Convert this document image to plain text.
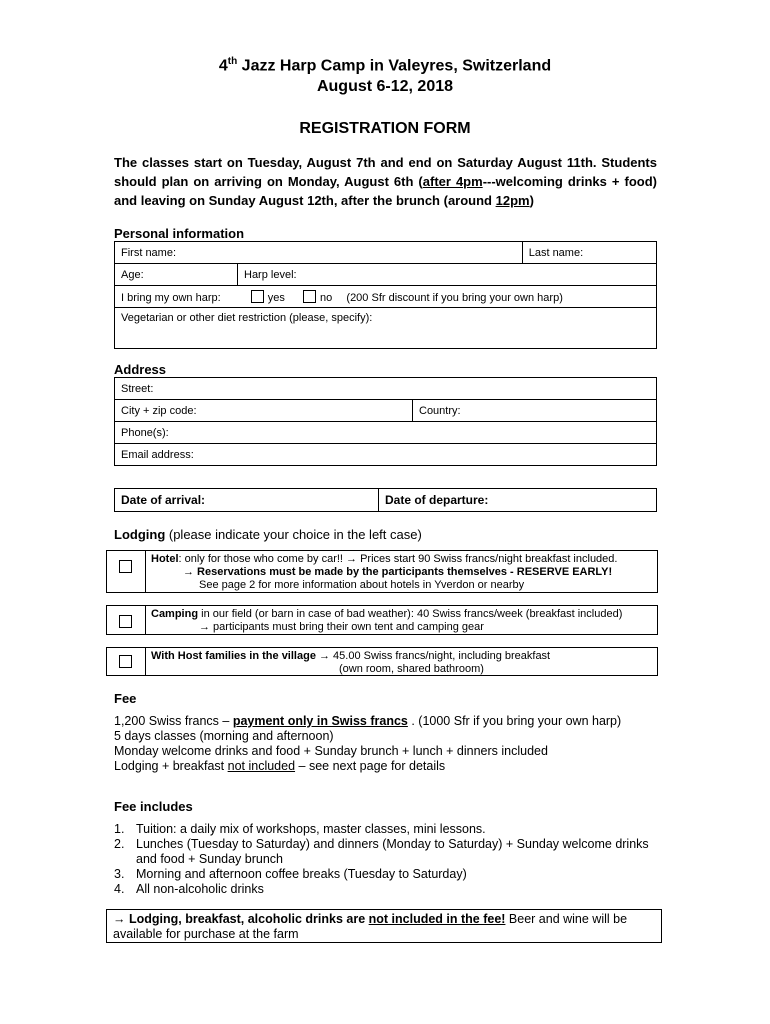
4th Jazz Harp Camp in Valeyres, Switzerland
August 6-12, 2018
REGISTRATION FORM
The classes start on Tuesday, August 7th and end on Saturday August 11th. Students should plan on arriving on Monday, August 6th (after 4pm---welcoming drinks + food) and leaving on Sunday August 12th, after the brunch (around 12pm)
Personal information
First name:		Last name:
Age:	Harp level:	
I bring my own harp: yes no (200 Sfr discount if you bring your own harp)		
Vegetarian or other diet restriction (please, specify):		
Address
Street:
City + zip code:	Country:
Phone(s):
Email address:
Date of arrival:	Date of departure:
Lodging (please indicate your choice in the left case)
Hotel: only for those who come by car!! → Prices start 90 Swiss francs/night breakfast included.
→ Reservations must be made by the participants themselves - RESERVE EARLY!
See page 2 for more information about hotels in Yverdon or nearby
Camping in our field (or barn in case of bad weather): 40 Swiss francs/week (breakfast included)
→ participants must bring their own tent and camping gear
With Host families in the village → 45.00 Swiss francs/night, including breakfast
(own room, shared bathroom)
Fee
1,200 Swiss francs – payment only in Swiss francs . (1000 Sfr if you bring your own harp)
5 days classes (morning and afternoon)
Monday welcome drinks and food + Sunday brunch + lunch + dinners included
Lodging + breakfast not included – see next page for details
Fee includes
1. Tuition: a daily mix of workshops, master classes, mini lessons.
2. Lunches (Tuesday to Saturday) and dinners (Monday to Saturday) + Sunday welcome drinks and food + Sunday brunch
3. Morning and afternoon coffee breaks (Tuesday to Saturday)
4. All non-alcoholic drinks
→ Lodging, breakfast, alcoholic drinks are not included in the fee! Beer and wine will be available for purchase at the farm
